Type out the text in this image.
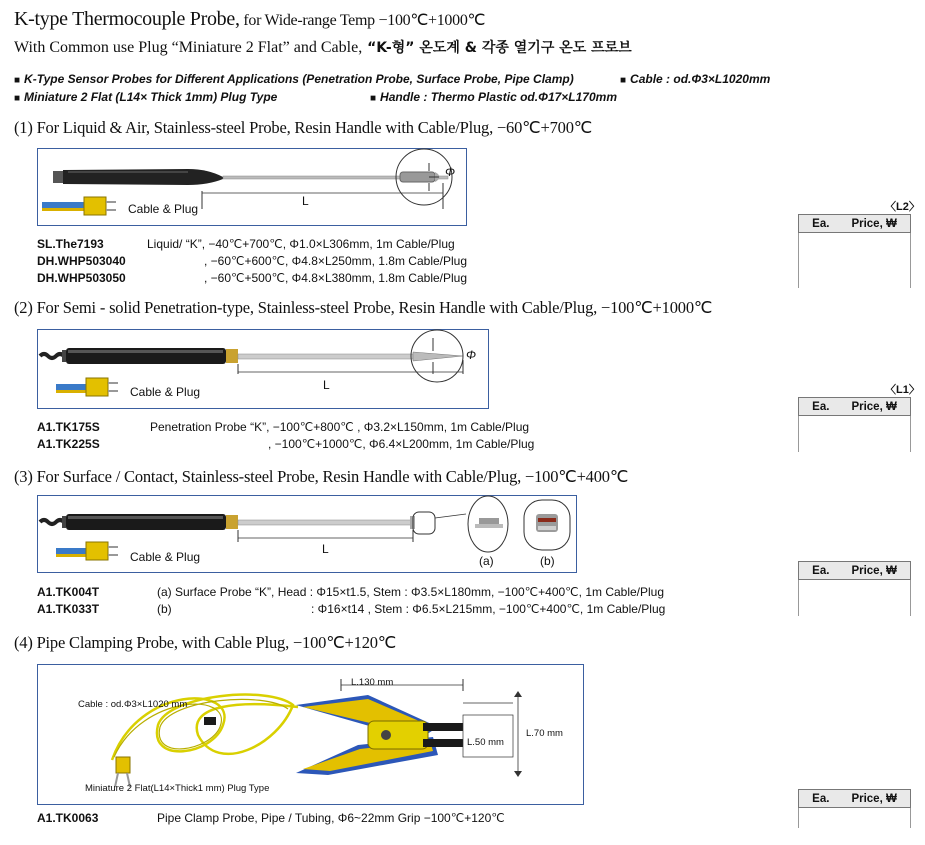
K-type Thermocouple Probe, for Wide-range Temp −100℃+1000℃
With Common use Plug “Miniature 2 Flat” and Cable, “K-형” 온도계 & 각종 열기구 온도 프로브
■ K-Type Sensor Probes for Different Applications (Penetration Probe, Surface Probe, Pipe Clamp)	■ Cable : od.Φ3×L1020mm
■ Miniature 2 Flat (L14× Thick 1mm) Plug Type	■ Handle : Thermo Plastic od.Φ17×L170mm
(1) For Liquid & Air, Stainless-steel Probe, Resin Handle with Cable/Plug, −60℃+700℃
Cable & Plug
L
Φ
〈L2〉
Ea. Price, ₩
SL.The7193	Liquid/ “K”, −40℃+700℃, Φ1.0×L306mm, 1m Cable/Plug
DH.WHP503040	, −60℃+600℃, Φ4.8×L250mm, 1.8m Cable/Plug
DH.WHP503050	, −60℃+500℃, Φ4.8×L380mm, 1.8m Cable/Plug
(2) For Semi - solid Penetration-type, Stainless-steel Probe, Resin Handle with Cable/Plug, −100℃+1000℃
Cable & Plug	L
Φ
〈L1〉
Ea. Price, ₩
A1.TK175S	Penetration Probe “K”, −100℃+800℃ , Φ3.2×L150mm, 1m Cable/Plug
A1.TK225S	, −100℃+1000℃, Φ6.4×L200mm, 1m Cable/Plug
(3) For Surface / Contact, Stainless-steel Probe, Resin Handle with Cable/Plug, −100℃+400℃
Cable & Plug
L
(a)	(b)
Ea. Price, ₩
A1.TK004T	(a) Surface Probe “K”, Head : Φ15×t1.5, Stem : Φ3.5×L180mm, −100℃+400℃, 1m Cable/Plug
A1.TK033T	(b)	: Φ16×t14 , Stem : Φ6.5×L215mm, −100℃+400℃, 1m Cable/Plug
(4) Pipe Clamping Probe, with Cable Plug, −100℃+120℃
Cable : od.Φ3×L1020 mm
Miniature 2 Flat(L14×Thick1 mm) Plug Type
L.130 mm
L.50 mm
L.70 mm
Ea. Price, ₩
A1.TK0063	Pipe Clamp Probe, Pipe / Tubing, Φ6~22mm Grip −100℃+120℃
